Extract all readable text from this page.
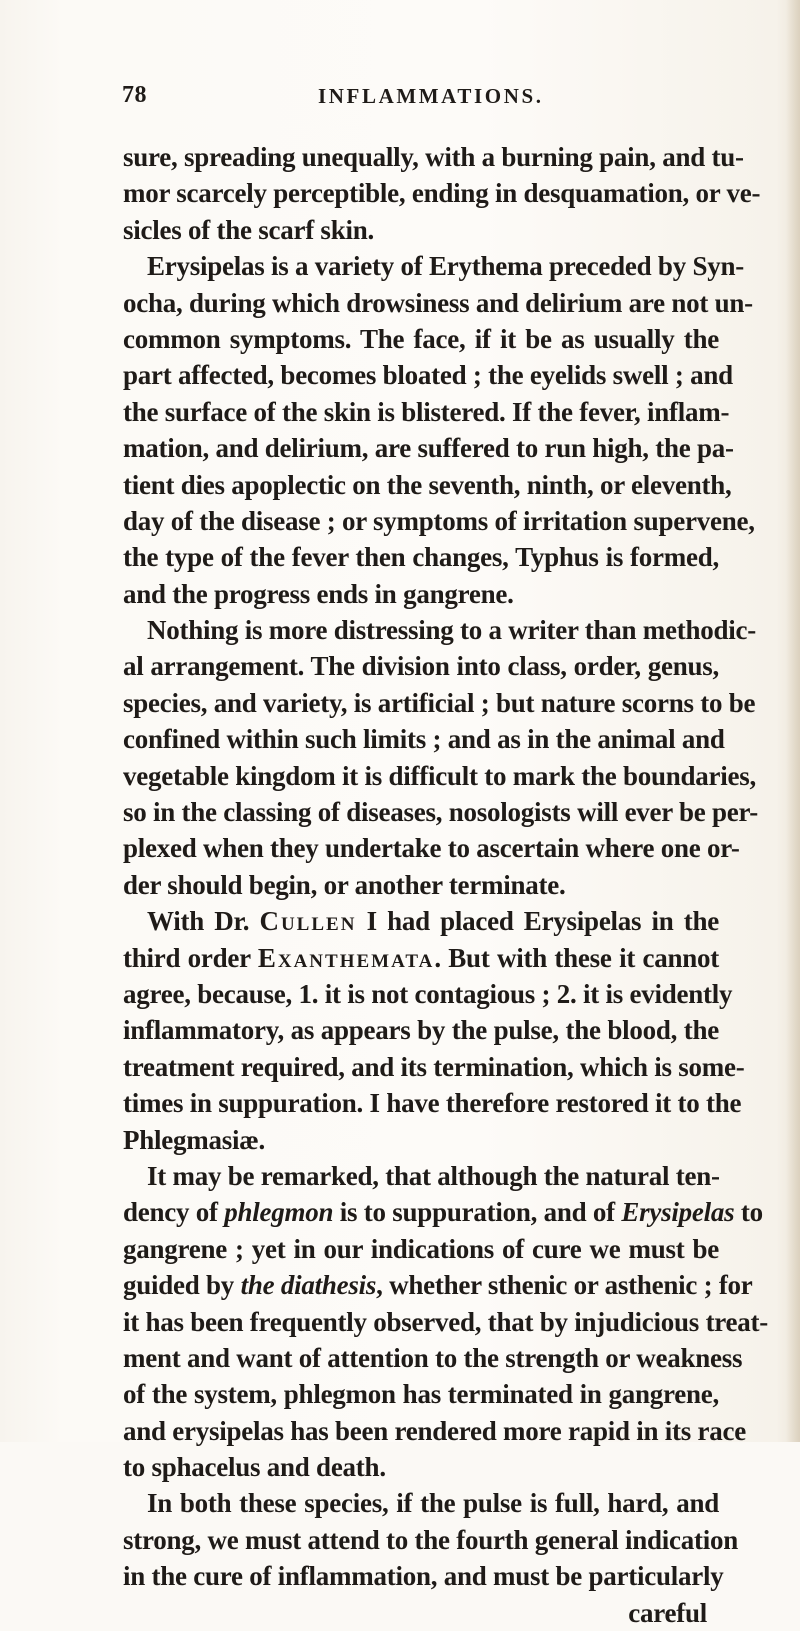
78	INFLAMMATIONS.
sure, spreading unequally, with a burning pain, and tu-
mor scarcely perceptible, ending in desquamation, or ve-
sicles of the scarf skin.
Erysipelas is a variety of Erythema preceded by Syn-
ocha, during which drowsiness and delirium are not un-
common symptoms. The face, if it be as usually the
part affected, becomes bloated ; the eyelids swell ; and
the surface of the skin is blistered. If the fever, inflam-
mation, and delirium, are suffered to run high, the pa-
tient dies apoplectic on the seventh, ninth, or eleventh,
day of the disease ; or symptoms of irritation supervene,
the type of the fever then changes, Typhus is formed,
and the progress ends in gangrene.
Nothing is more distressing to a writer than methodic-
al arrangement. The division into class, order, genus,
species, and variety, is artificial ; but nature scorns to be
confined within such limits ; and as in the animal and
vegetable kingdom it is difficult to mark the boundaries,
so in the classing of diseases, nosologists will ever be per-
plexed when they undertake to ascertain where one or-
der should begin, or another terminate.
With Dr. Cullen I had placed Erysipelas in the
third order Exanthemata. But with these it cannot
agree, because, 1. it is not contagious ; 2. it is evidently
inflammatory, as appears by the pulse, the blood, the
treatment required, and its termination, which is some-
times in suppuration. I have therefore restored it to the
Phlegmasiæ.
It may be remarked, that although the natural ten-
dency of phlegmon is to suppuration, and of Erysipelas to
gangrene ; yet in our indications of cure we must be
guided by the diathesis, whether sthenic or asthenic ; for
it has been frequently observed, that by injudicious treat-
ment and want of attention to the strength or weakness
of the system, phlegmon has terminated in gangrene,
and erysipelas has been rendered more rapid in its race
to sphacelus and death.
In both these species, if the pulse is full, hard, and
strong, we must attend to the fourth general indication
in the cure of inflammation, and must be particularly
careful
